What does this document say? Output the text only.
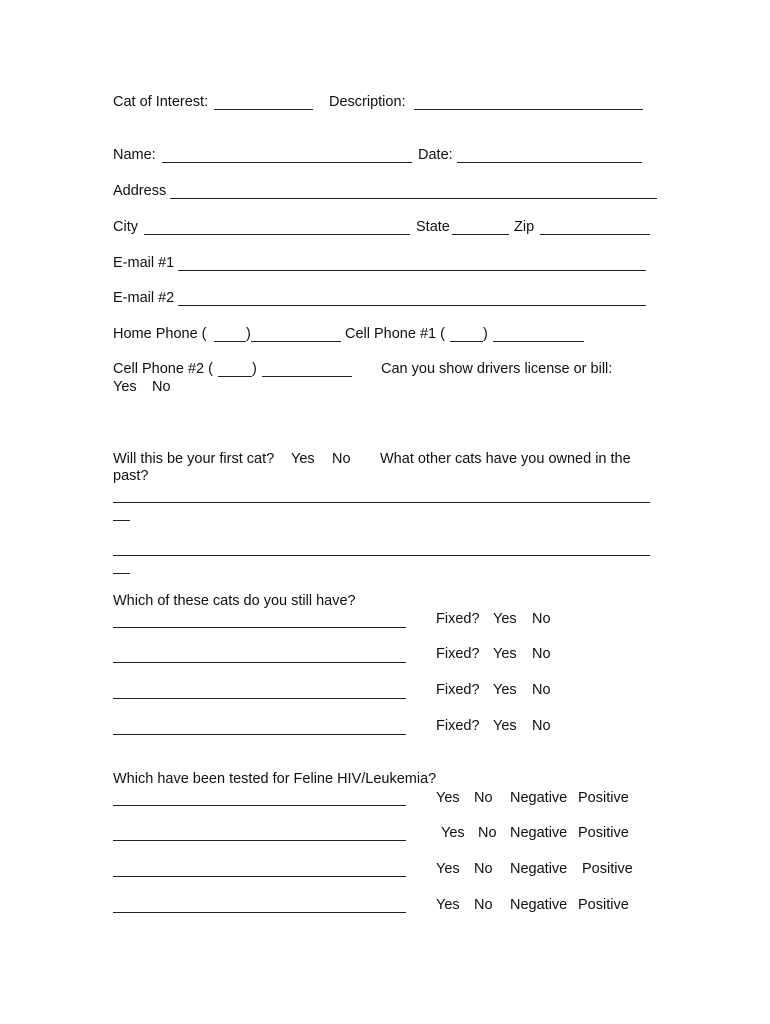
Cat of Interest:	Description:
Name:	Date:
Address
City	State	Zip
E-mail #1
E-mail #2
Home Phone (	)	Cell Phone #1 (	)
Cell Phone #2 (	)	Can you show drivers license or bill:
Yes No
Will this be your first cat? Yes No What other cats have you owned in the
past?
Which of these cats do you still have?
Fixed? Yes No
Fixed? Yes No
Fixed? Yes No
Fixed? Yes No
Which have been tested for Feline HIV/Leukemia?
Yes No Negative Positive
Yes No Negative Positive
Yes No Negative Positive
Yes No Negative Positive
